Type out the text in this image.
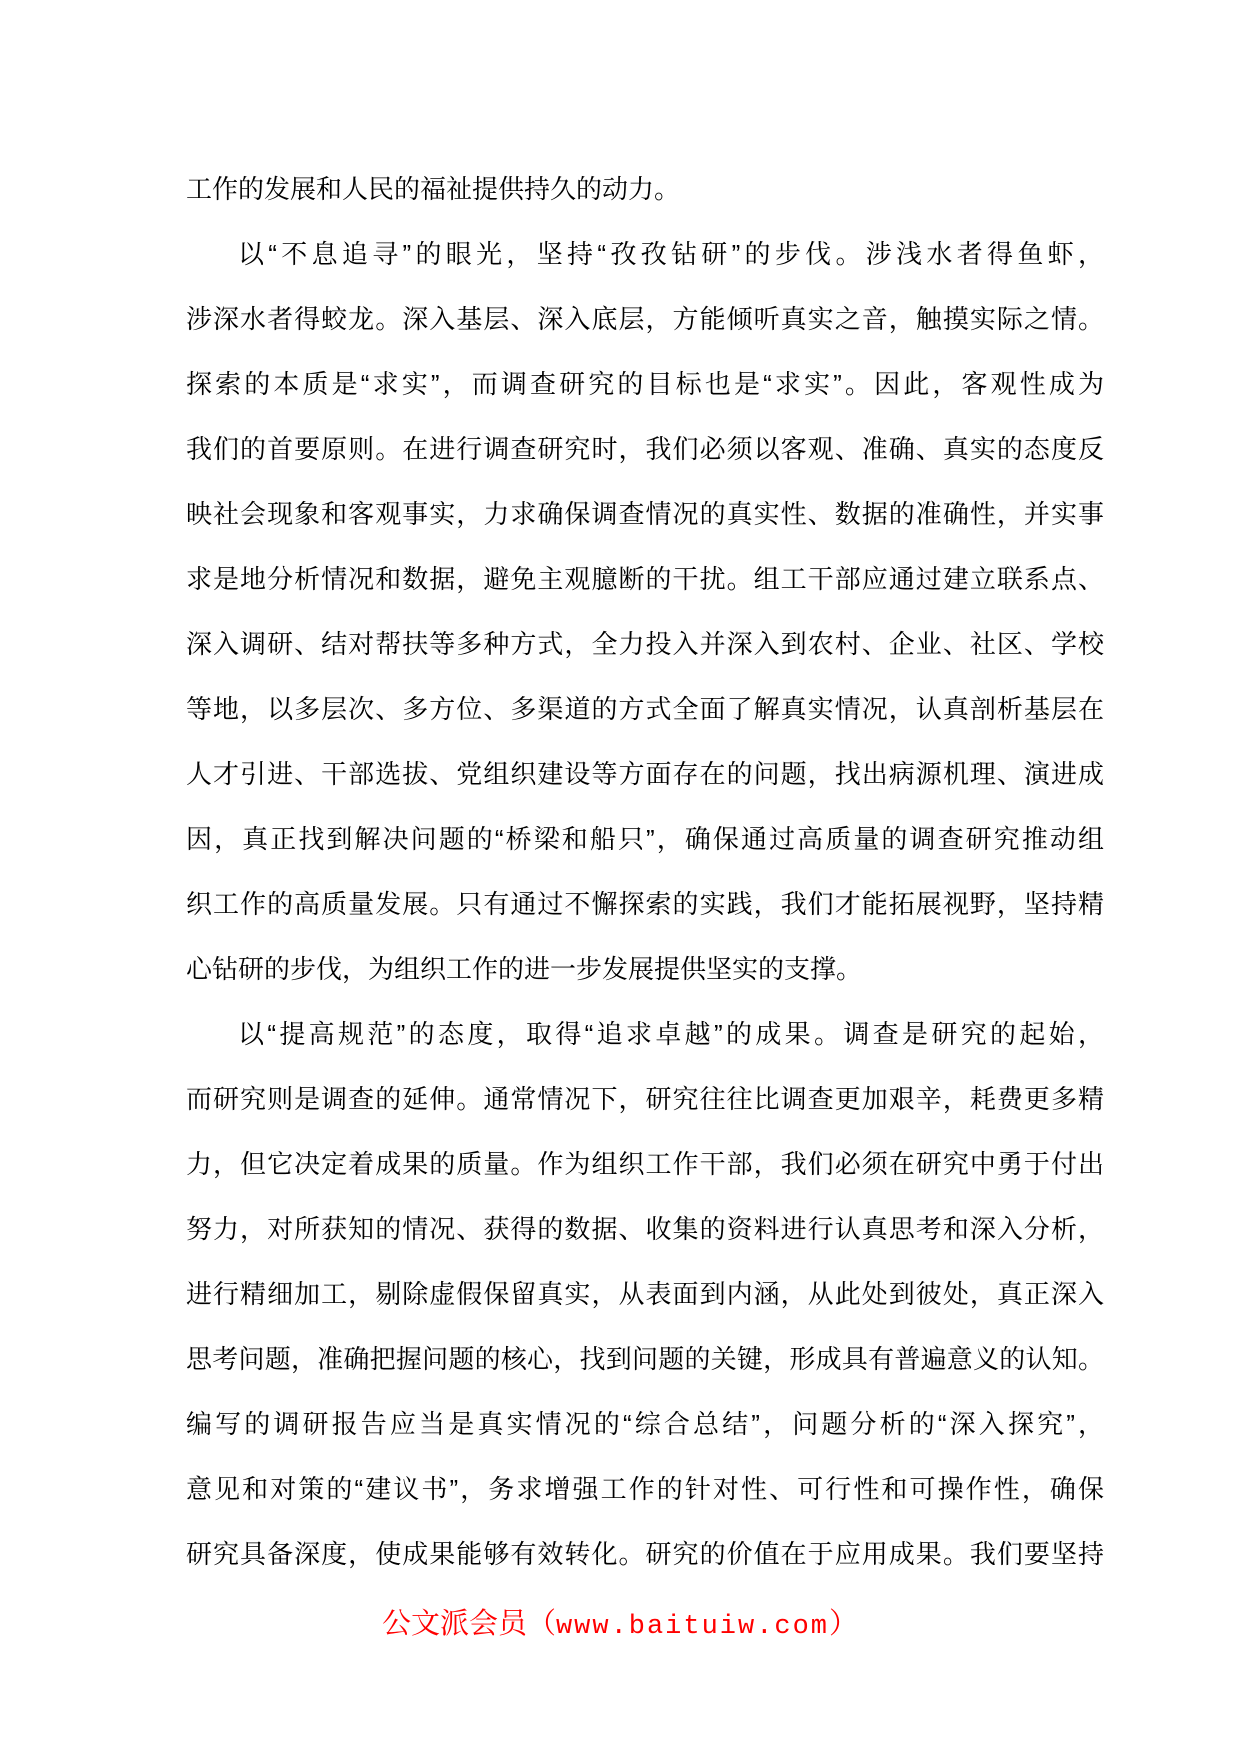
工作的发展和人民的福祉提供持久的动力。
以“不息追寻”的眼光，坚持“孜孜钻研”的步伐。涉浅水者得鱼虾，
涉深水者得蛟龙。深入基层、深入底层，方能倾听真实之音，触摸实际之情。
探索的本质是“求实”，而调查研究的目标也是“求实”。因此，客观性成为
我们的首要原则。在进行调查研究时，我们必须以客观、准确、真实的态度反
映社会现象和客观事实，力求确保调查情况的真实性、数据的准确性，并实事
求是地分析情况和数据，避免主观臆断的干扰。组工干部应通过建立联系点、
深入调研、结对帮扶等多种方式，全力投入并深入到农村、企业、社区、学校
等地，以多层次、多方位、多渠道的方式全面了解真实情况，认真剖析基层在
人才引进、干部选拔、党组织建设等方面存在的问题，找出病源机理、演进成
因，真正找到解决问题的“桥梁和船只”，确保通过高质量的调查研究推动组
织工作的高质量发展。只有通过不懈探索的实践，我们才能拓展视野，坚持精
心钻研的步伐，为组织工作的进一步发展提供坚实的支撑。
以“提高规范”的态度，取得“追求卓越”的成果。调查是研究的起始，
而研究则是调查的延伸。通常情况下，研究往往比调查更加艰辛，耗费更多精
力，但它决定着成果的质量。作为组织工作干部，我们必须在研究中勇于付出
努力，对所获知的情况、获得的数据、收集的资料进行认真思考和深入分析，
进行精细加工，剔除虚假保留真实，从表面到内涵，从此处到彼处，真正深入
思考问题，准确把握问题的核心，找到问题的关键，形成具有普遍意义的认知。
编写的调研报告应当是真实情况的“综合总结”，问题分析的“深入探究”，
意见和对策的“建议书”，务求增强工作的针对性、可行性和可操作性，确保
研究具备深度，使成果能够有效转化。研究的价值在于应用成果。我们要坚持
公文派会员（www.baituiw.com）
